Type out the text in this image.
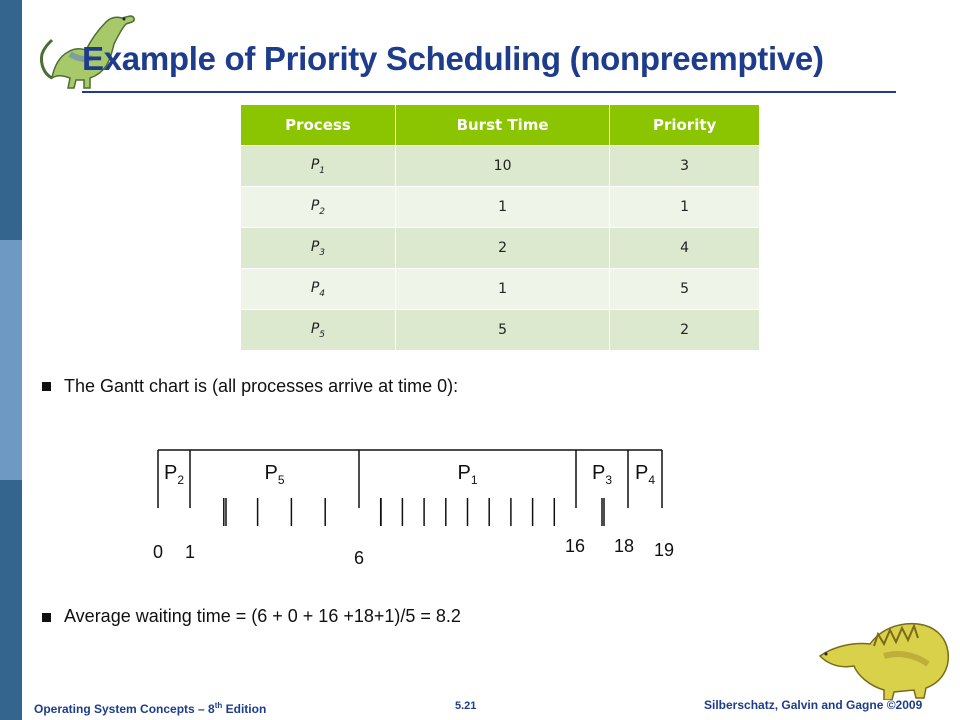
Example of Priority Scheduling (nonpreemptive)
Process	Burst Time	Priority
$P_1$	10	3
$P_2$	1	1
$P_3$	2	4
$P_4$	1	5
$P_5$	5	2
The Gantt chart is (all processes arrive at time 0):
$P_2$	$P_5$	$P_1$	$P_3$ $P_4$
0 1	6
16 18 19
Average waiting time = (6 + 0 + 16 +18+1)/5 = 8.2
Operating System Concepts – 8th Edition	5.21	Silberschatz, Galvin and Gagne ©2009
